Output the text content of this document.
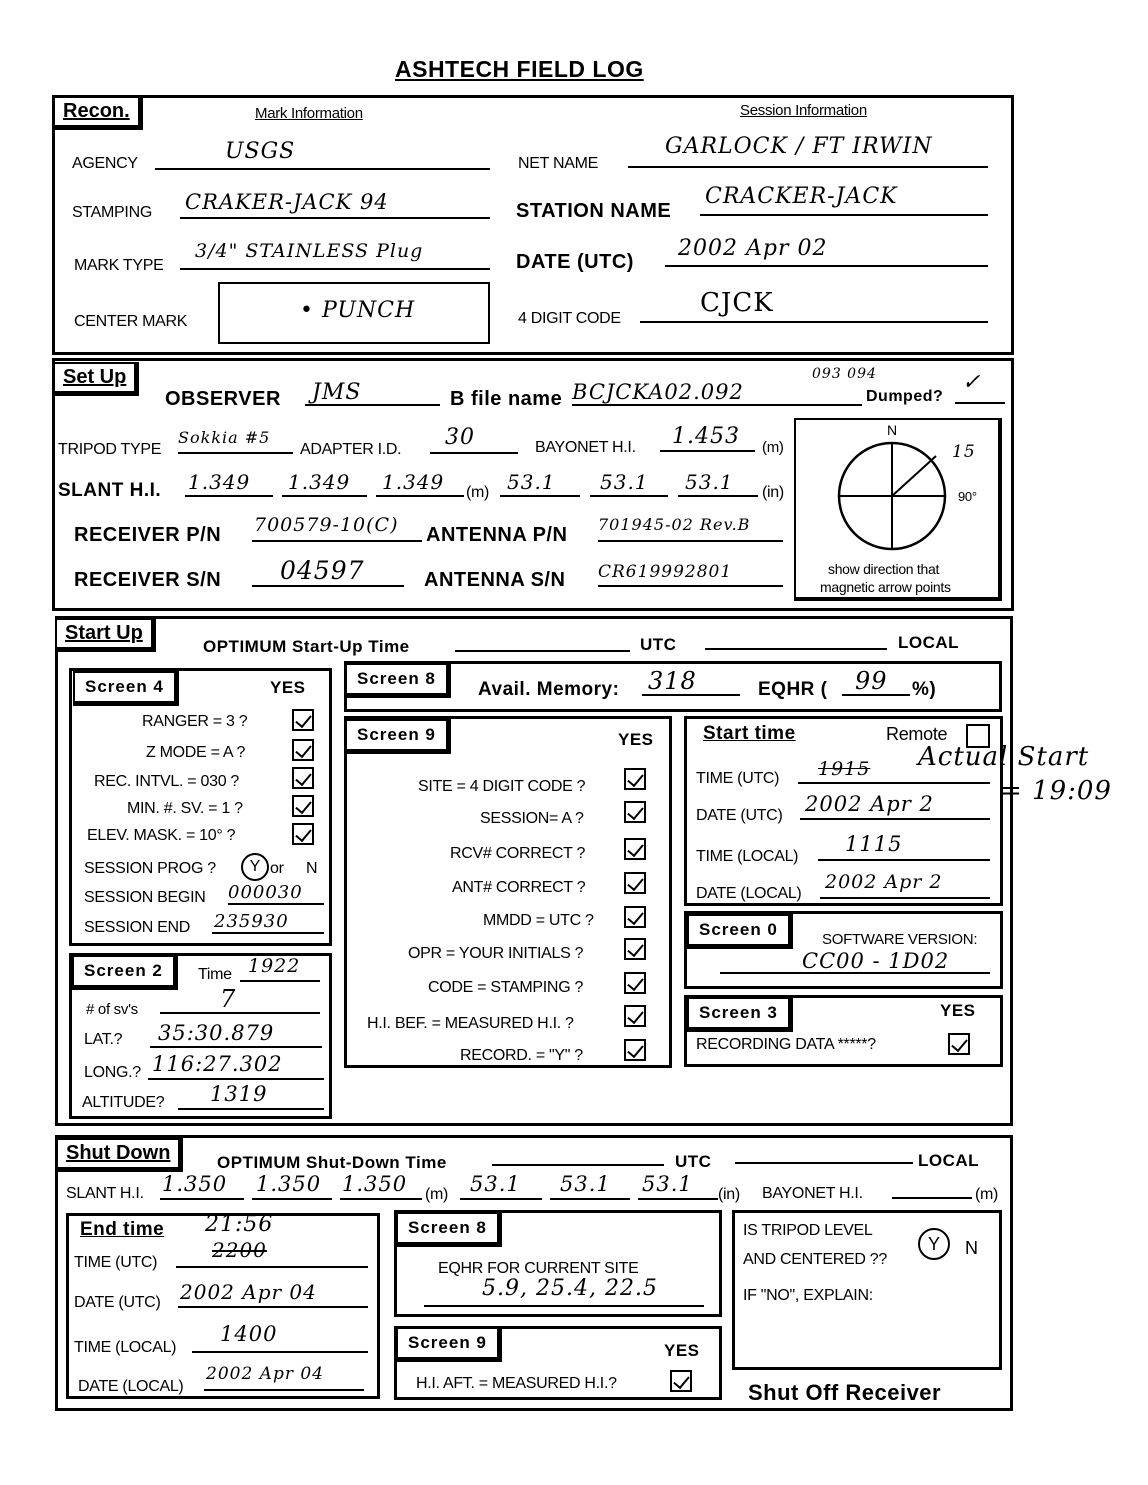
ASHTECH FIELD LOG
Recon.	Mark Information	Session Information
AGENCY	USGS
STAMPING CRAKER-JACK 94
MARK TYPE
3/4" STAINLESS Plug
CENTER MARK	• PUNCH
NET NAME
GARLOCK / FT IRWIN
STATION NAME
CRACKER-JACK
DATE (UTC)
2002 Apr 02
4 DIGIT CODE
CJCK
Set Up
OBSERVER JMS	B file name BCJCKA02.092
093 094
Dumped?
✓
TRIPOD TYPE
Sokkia #5
ADAPTER I.D. 30	BAYONET H.I. 1.453 (m)
SLANT H.I. 1.349 1.349 1.349 (m) 53.1 53.1 53.1 (in)
RECEIVER P/N 700579-10(C) ANTENNA P/N 701945-02 Rev.B
RECEIVER S/N 04597	ANTENNA S/N CR619992801
N
90°
15
show direction that
magnetic arrow points
Start Up
OPTIMUM Start-Up Time	UTC	LOCAL
Screen 4	YES
RANGER = 3 ?
Z MODE = A ?
REC. INTVL. = 030 ?
MIN. #. SV. = 1 ?
ELEV. MASK. = 10° ?
SESSION PROG ?	Y or N
SESSION BEGIN 000030
SESSION END 235930
Screen 2	Time 1922
# of sv's	7
LAT.? 35:30.879
LONG.? 116:27.302
ALTITUDE? 1319
Screen 8
Avail. Memory: 318	EQHR ( 99 %)
Screen 9	YES
SITE = 4 DIGIT CODE ?
SESSION= A ?
RCV# CORRECT ?
ANT# CORRECT ?
MMDD = UTC ?
OPR = YOUR INITIALS ?
CODE = STAMPING ?
H.I. BEF. = MEASURED H.I. ?
RECORD. = "Y" ?
Start time	Remote
TIME (UTC) 1915 Actual Start
= 19:09
DATE (UTC) 2002 Apr 2
TIME (LOCAL)
1115
DATE (LOCAL)
2002 Apr 2
Screen 0
SOFTWARE VERSION:
CC00 - 1D02
Screen 3	YES
RECORDING DATA *****?
Shut Down	OPTIMUM Shut-Down Time	UTC	LOCAL
SLANT H.I. 1.350 1.350 1.350 (m) 53.1 53.1 53.1 (in) BAYONET H.I.	(m)
End time 21:56
TIME (UTC)
2200
DATE (UTC) 2002 Apr 04
TIME (LOCAL)
1400
DATE (LOCAL)
2002 Apr 04
Screen 8
EQHR FOR CURRENT SITE
5.9, 25.4, 22.5
Screen 9	YES
H.I. AFT. = MEASURED H.I.?
IS TRIPOD LEVEL
AND CENTERED ??
Y	N
IF "NO", EXPLAIN:
Shut Off Receiver
